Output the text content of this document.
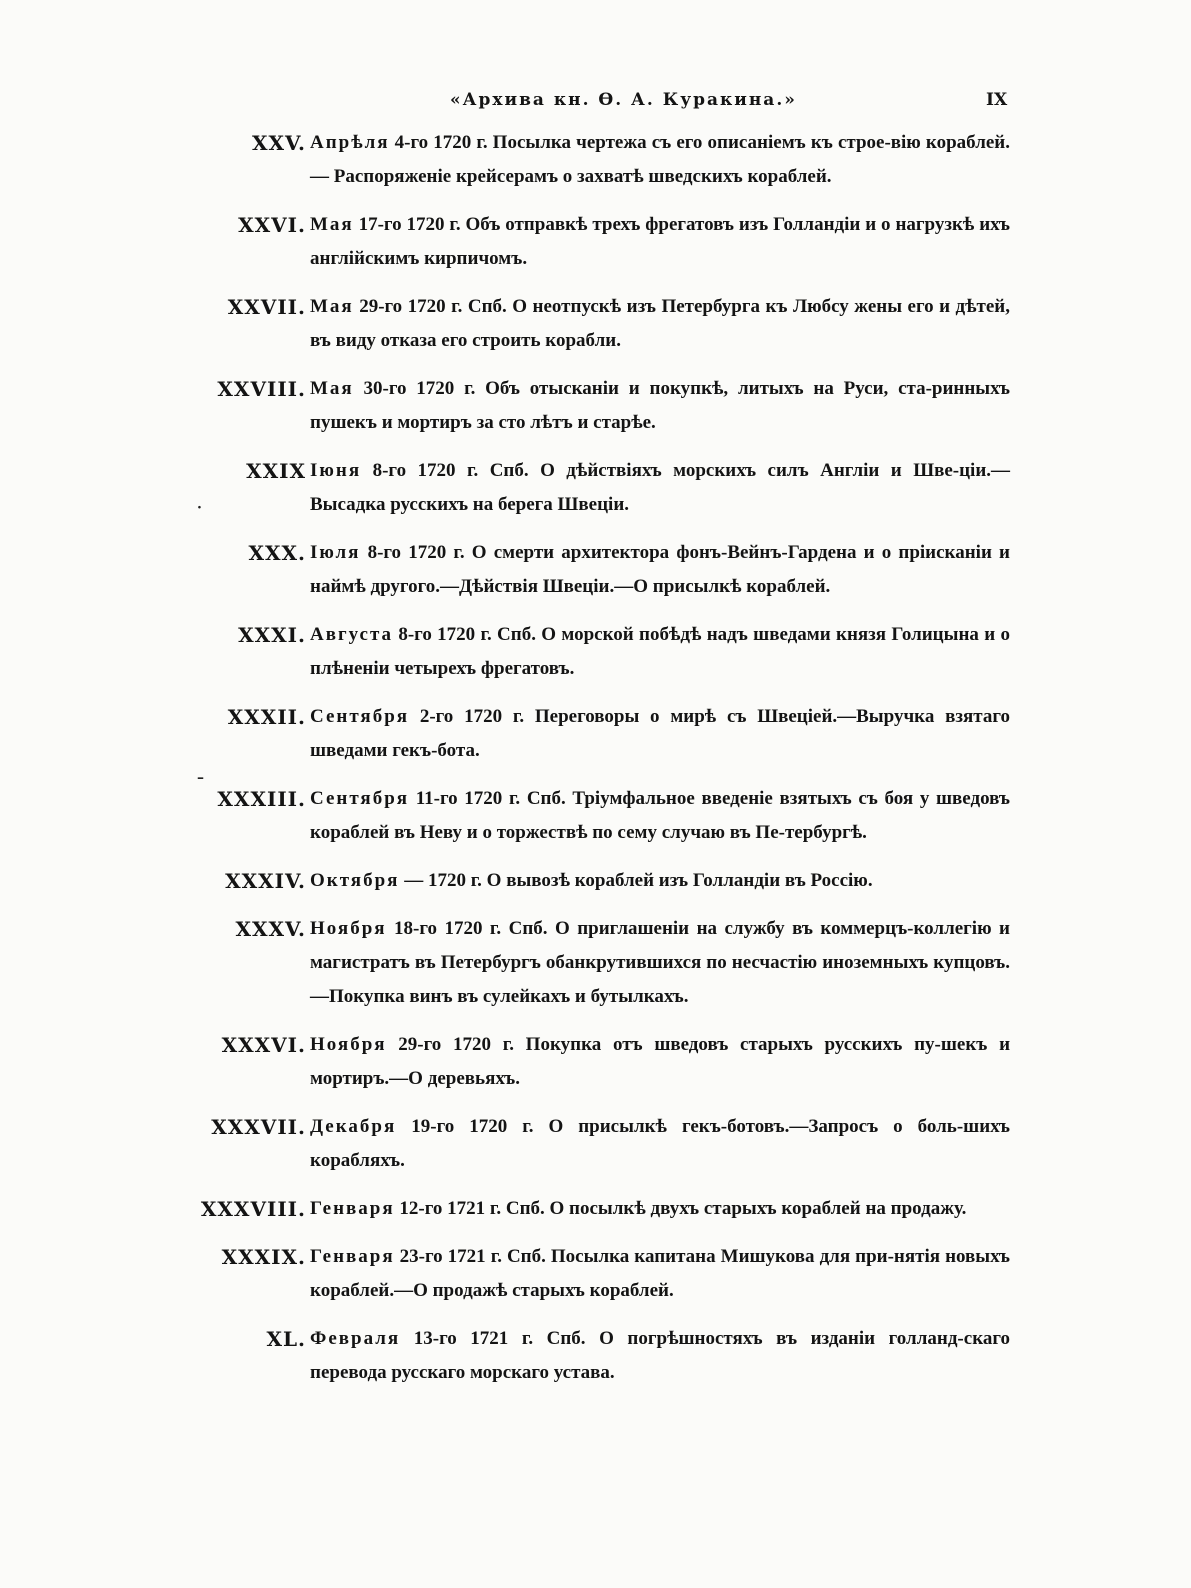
«Архива кн. Ѳ. А. Куракина.»	IX
XXV. Апрѣля 4-го 1720 г. Посылка чертежа съ его описаніемъ къ строе-вію кораблей. — Распоряженіе крейсерамъ о захватѣ шведскихъ кораблей.
XXVI. Мая 17-го 1720 г. Объ отправкѣ трехъ фрегатовъ изъ Голландіи и о нагрузкѣ ихъ англійскимъ кирпичомъ.
XXVII. Мая 29-го 1720 г. Спб. О неотпускѣ изъ Петербурга къ Любсу жены его и дѣтей, въ виду отказа его строить корабли.
XXVIII. Мая 30-го 1720 г. Объ отысканіи и покупкѣ, литыхъ на Руси, ста-ринныхъ пушекъ и мортиръ за сто лѣтъ и старѣе.
XXIX Іюня 8-го 1720 г. Спб. О дѣйствіяхъ морскихъ силъ Англіи и Шве-ціи.—Высадка русскихъ на берега Швеціи.
XXX. Іюля 8-го 1720 г. О смерти архитектора фонъ-Вейнъ-Гардена и о пріисканіи и наймѣ другого.—Дѣйствія Швеціи.—О присылкѣ кораблей.
XXXI. Августа 8-го 1720 г. Спб. О морской побѣдѣ надъ шведами князя Голицына и о плѣненіи четырехъ фрегатовъ.
XXXII. Сентября 2-го 1720 г. Переговоры о мирѣ съ Швеціей.—Выручка взятаго шведами гекъ-бота.
XXXIII. Сентября 11-го 1720 г. Спб. Тріумфальное введеніе взятыхъ съ боя у шведовъ кораблей въ Неву и о торжествѣ по сему случаю въ Пе-тербургѣ.
XXXIV. Октября — 1720 г. О вывозѣ кораблей изъ Голландіи въ Россію.
XXXV. Ноября 18-го 1720 г. Спб. О приглашеніи на службу въ коммерцъ-коллегію и магистратъ въ Петербургъ обанкрутившихся по несчастію иноземныхъ купцовъ.—Покупка винъ въ сулейкахъ и бутылкахъ.
XXXVI. Ноября 29-го 1720 г. Покупка отъ шведовъ старыхъ русскихъ пу-шекъ и мортиръ.—О деревьяхъ.
XXXVII. Декабря 19-го 1720 г. О присылкѣ гекъ-ботовъ.—Запросъ о боль-шихъ корабляхъ.
XXXVIII. Генваря 12-го 1721 г. Спб. О посылкѣ двухъ старыхъ кораблей на продажу.
XXXIX. Генваря 23-го 1721 г. Спб. Посылка капитана Мишукова для при-нятія новыхъ кораблей.—О продажѣ старыхъ кораблей.
XL. Февраля 13-го 1721 г. Спб. О погрѣшностяхъ въ изданіи голланд-скаго перевода русскаго морскаго устава.
·
–
